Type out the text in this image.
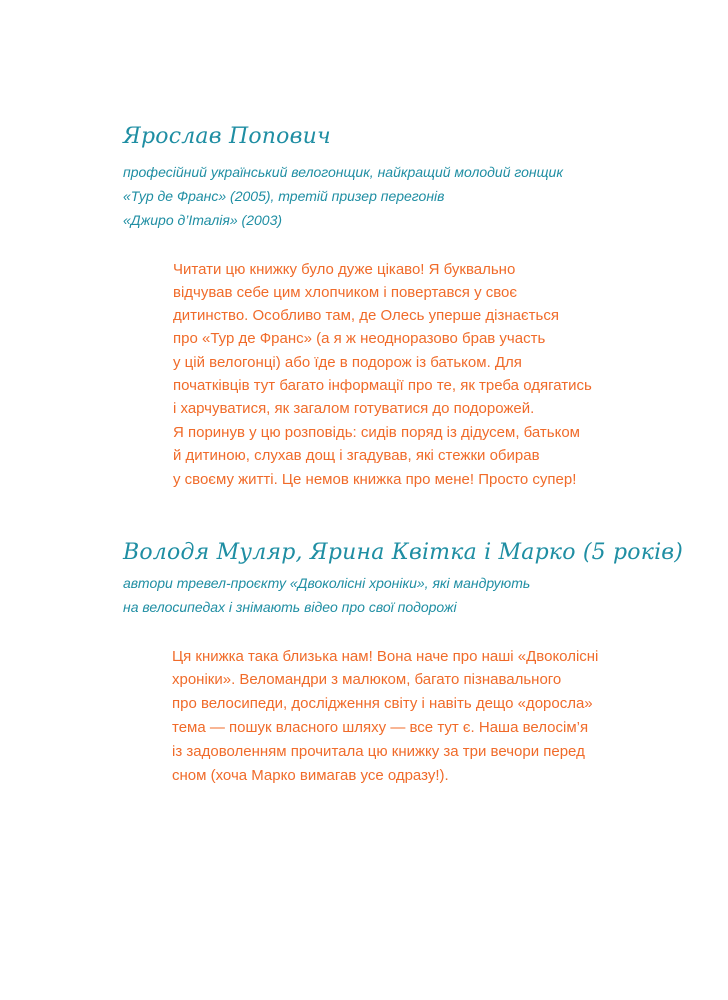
Ярослав Попович
професійний український велогонщик, найкращий молодий гонщик
«Тур де Франс» (2005), третій призер перегонів
«Джиро д’Італія» (2003)
Читати цю книжку було дуже цікаво! Я буквально
відчував себе цим хлопчиком і повертався у своє
дитинство. Особливо там, де Олесь уперше дізнається
про «Тур де Франс» (а я ж неодноразово брав участь
у цій велогонці) або їде в подорож із батьком. Для
початківців тут багато інформації про те, як треба одягатись
і харчуватися, як загалом готуватися до подорожей.
Я поринув у цю розповідь: сидів поряд із дідусем, батьком
й дитиною, слухав дощ і згадував, які стежки обирав
у своєму житті. Це немов книжка про мене! Просто супер!
Володя Муляр, Ярина Квітка і Марко (5 років)
автори тревел-проєкту «Двоколісні хроніки», які мандрують
на велосипедах і знімають відео про свої подорожі
Ця книжка така близька нам! Вона наче про наші «Двоколісні
хроніки». Веломандри з малюком, багато пізнавального
про велосипеди, дослідження світу і навіть дещо «доросла»
тема — пошук власного шляху — все тут є. Наша велосім’я
із задоволенням прочитала цю книжку за три вечори перед
сном (хоча Марко вимагав усе одразу!).
